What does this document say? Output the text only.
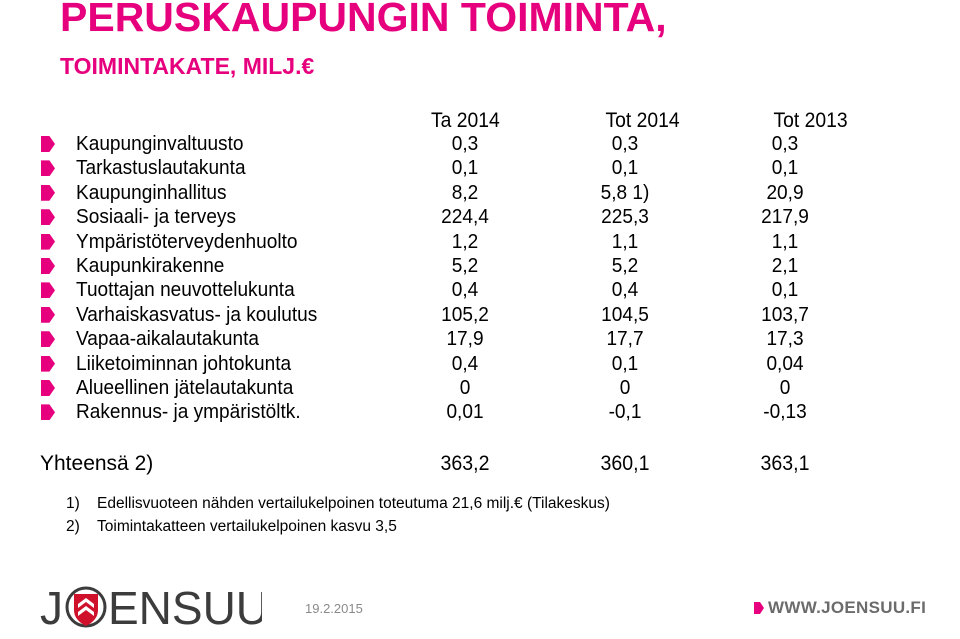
PERUSKAUPUNGIN TOIMINTA,
TOIMINTAKATE, MILJ.€
Ta 2014	Tot 2014	Tot 2013
Kaupunginvaltuusto	0,3	0,3	0,3
Tarkastuslautakunta	0,1	0,1	0,1
Kaupunginhallitus	8,2	5,8 1)	20,9
Sosiaali- ja terveys	224,4	225,3	217,9
Ympäristöterveydenhuolto	1,2	1,1	1,1
Kaupunkirakenne	5,2	5,2	2,1
Tuottajan neuvottelukunta	0,4	0,4	0,1
Varhaiskasvatus- ja koulutus	105,2	104,5	103,7
Vapaa-aikalautakunta	17,9	17,7	17,3
Liiketoiminnan johtokunta	0,4	0,1	0,04
Alueellinen jätelautakunta	0	0	0
Rakennus- ja ympäristöltk.	0,01	-0,1	-0,13
Yhteensä 2)	363,2	360,1	363,1
1) Edellisvuoteen nähden vertailukelpoinen toteutuma 21,6 milj.€ (Tilakeskus)
2) Toimintakatteen vertailukelpoinen kasvu 3,5
J ENSUU	19.2.2015	WWW.JOENSUU.FI
